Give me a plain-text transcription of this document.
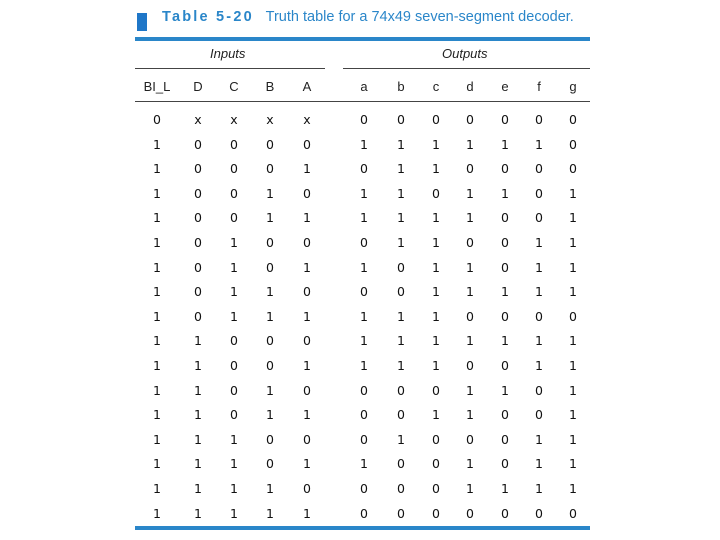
Table 5-20 Truth table for a 74x49 seven-segment decoder.
Inputs	Outputs
BI_L D C B A	a b c d e f g
0	x x x x	0 0 0 0 0 0 0
1	0 0 0 0	1 1 1 1 1 1 0
1	0 0 0 1	0 1 1 0 0 0 0
1	0 0 1 0	1 1 0 1 1 0 1
1	0 0 1 1	1 1 1 1 0 0 1
1	0 1 0 0	0 1 1 0 0 1 1
1	0 1 0 1	1 0 1 1 0 1 1
1	0 1 1 0	0 0 1 1 1 1 1
1	0 1 1 1	1 1 1 0 0 0 0
1	1 0 0 0	1 1 1 1 1 1 1
1	1 0 0 1	1 1 1 0 0 1 1
1	1 0 1 0	0 0 0 1 1 0 1
1	1 0 1 1	0 0 1 1 0 0 1
1	1 1 0 0	0 1 0 0 0 1 1
1	1 1 0 1	1 0 0 1 0 1 1
1	1 1 1 0	0 0 0 1 1 1 1
1	1 1 1 1	0 0 0 0 0 0 0
